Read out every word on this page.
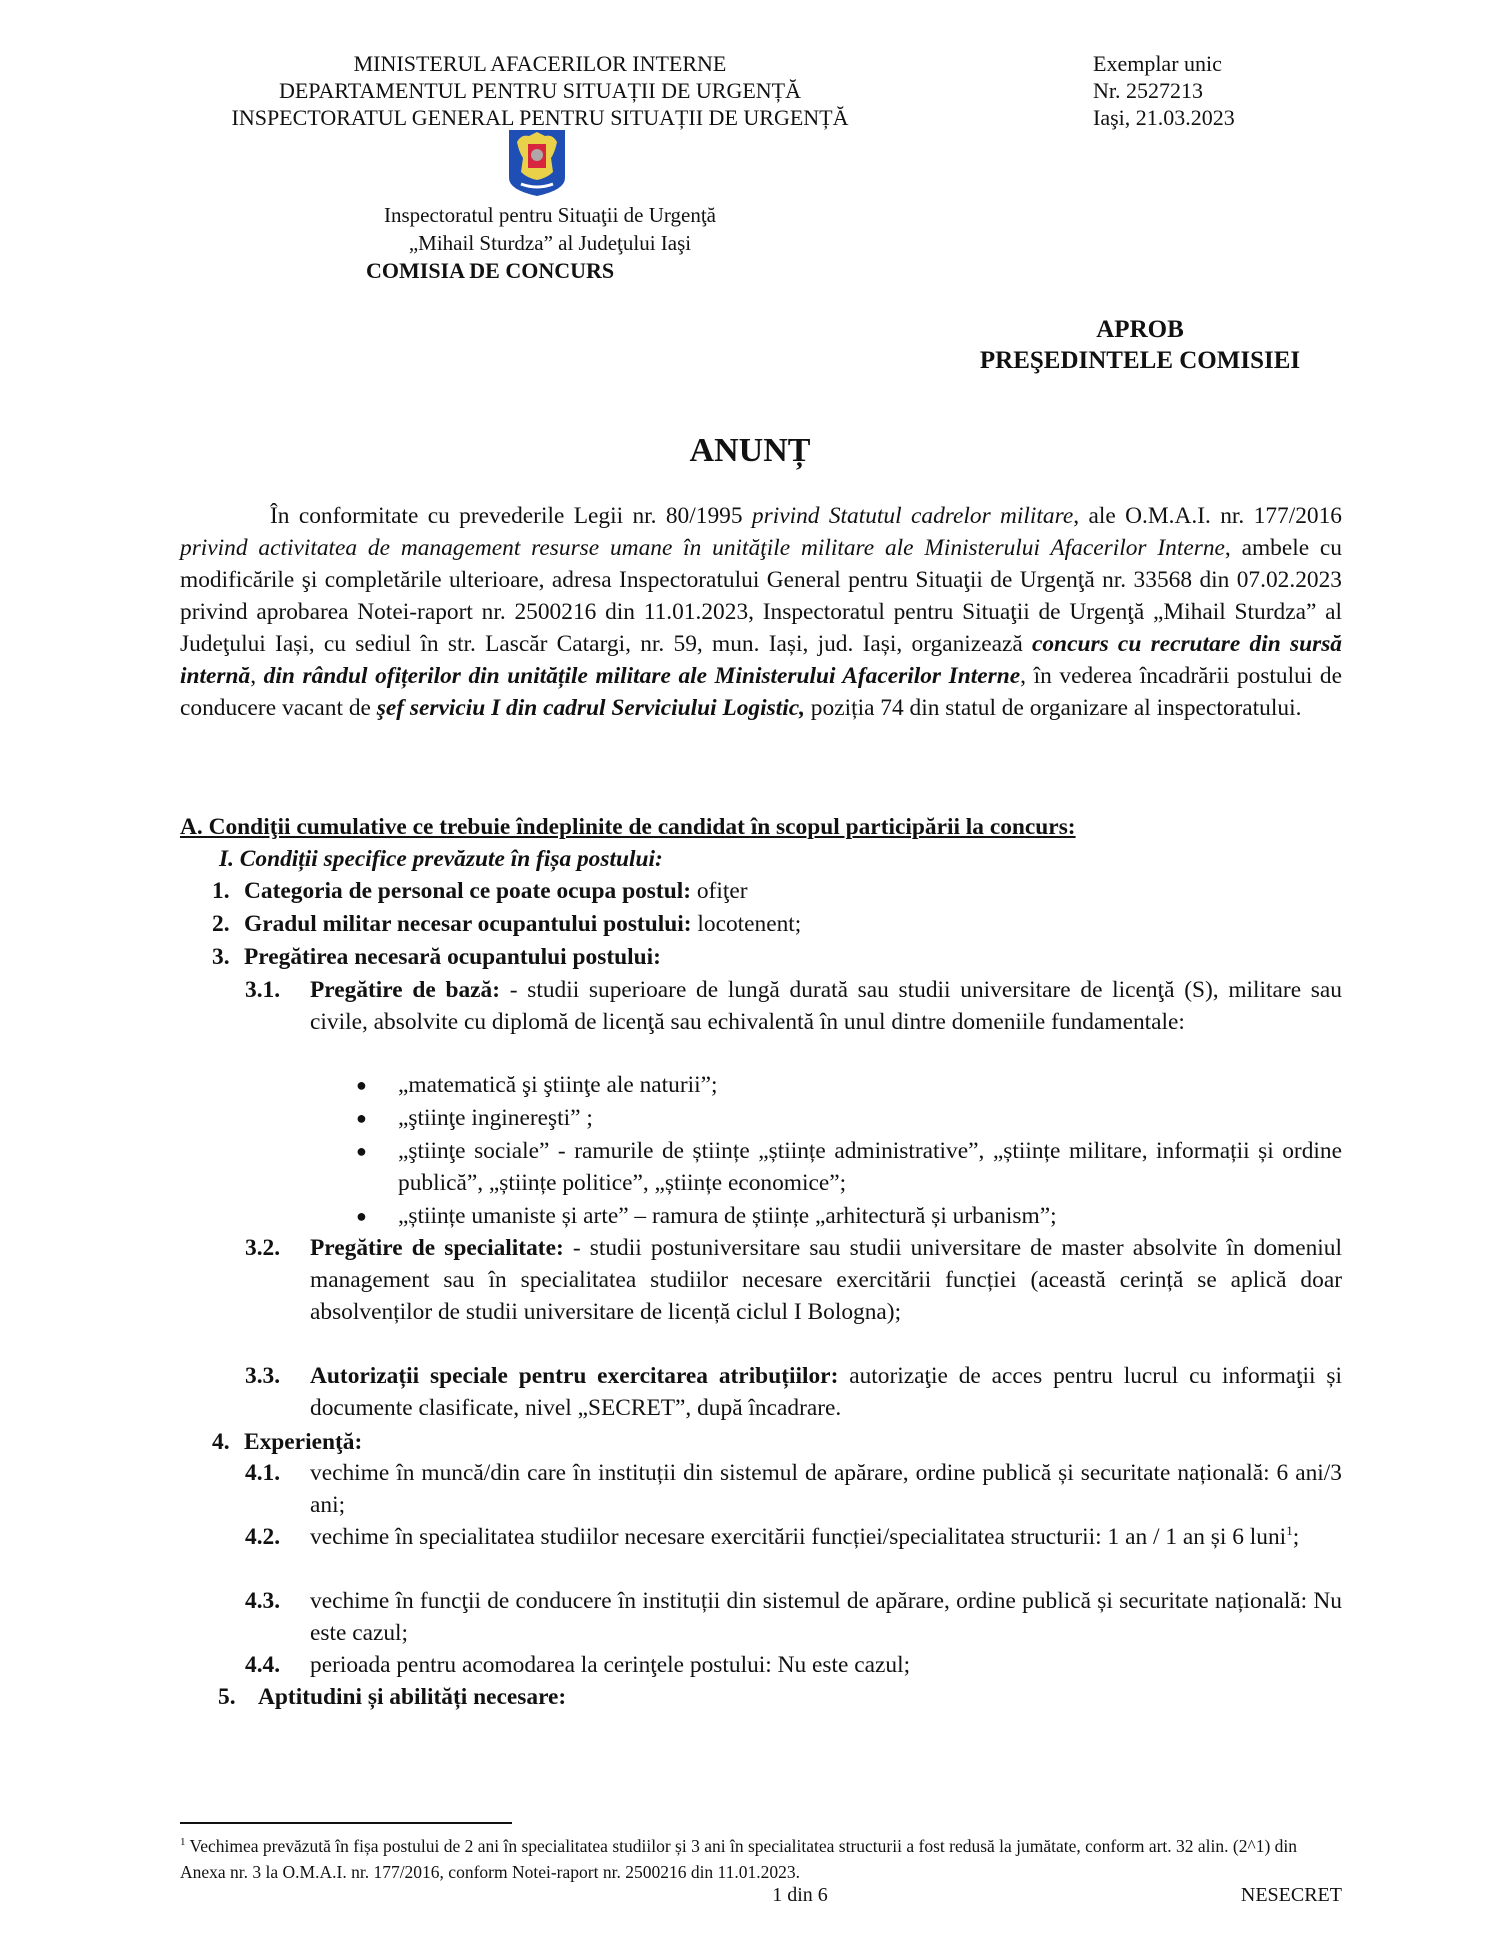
MINISTERUL AFACERILOR INTERNE
DEPARTAMENTUL PENTRU SITUAȚII DE URGENȚĂ
INSPECTORATUL GENERAL PENTRU SITUAȚII DE URGENȚĂ
Exemplar unic
Nr. 2527213
Iaşi, 21.03.2023
Inspectoratul pentru Situaţii de Urgenţă
„Mihail Sturdza” al Judeţului Iaşi
COMISIA DE CONCURS
APROB
PREŞEDINTELE COMISIEI
ANUNȚ
În conformitate cu prevederile Legii nr. 80/1995 privind Statutul cadrelor militare, ale O.M.A.I. nr. 177/2016 privind activitatea de management resurse umane în unităţile militare ale Ministerului Afacerilor Interne, ambele cu modificările şi completările ulterioare, adresa Inspectoratului General pentru Situaţii de Urgenţă nr. 33568 din 07.02.2023 privind aprobarea Notei-raport nr. 2500216 din 11.01.2023, Inspectoratul pentru Situaţii de Urgenţă „Mihail Sturdza” al Judeţului Iași, cu sediul în str. Lascăr Catargi, nr. 59, mun. Iași, jud. Iași, organizează concurs cu recrutare din sursă internă, din rândul ofițerilor din unitățile militare ale Ministerului Afacerilor Interne, în vederea încadrării postului de conducere vacant de şef serviciu I din cadrul Serviciului Logistic, poziția 74 din statul de organizare al inspectoratului.
A. Condiţii cumulative ce trebuie îndeplinite de candidat în scopul participării la concurs:
I. Condiții specifice prevăzute în fișa postului:
1. Categoria de personal ce poate ocupa postul: ofiţer
2. Gradul militar necesar ocupantului postului: locotenent;
3. Pregătirea necesară ocupantului postului:
3.1. Pregătire de bază: - studii superioare de lungă durată sau studii universitare de licenţă (S), militare sau civile, absolvite cu diplomă de licenţă sau echivalentă în unul dintre domeniile fundamentale:
● „matematică şi ştiinţe ale naturii”;
● „ştiinţe inginereşti” ;
● „ştiinţe sociale” - ramurile de științe „științe administrative”, „științe militare, informații și ordine publică”, „științe politice”, „științe economice”;
● „științe umaniste și arte” – ramura de științe „arhitectură și urbanism”;
3.2. Pregătire de specialitate: - studii postuniversitare sau studii universitare de master absolvite în domeniul management sau în specialitatea studiilor necesare exercitării funcției (această cerință se aplică doar absolvenților de studii universitare de licență ciclul I Bologna);
3.3. Autorizații speciale pentru exercitarea atribuțiilor: autorizaţie de acces pentru lucrul cu informaţii și documente clasificate, nivel „SECRET”, după încadrare.
4. Experienţă:
4.1. vechime în muncă/din care în instituții din sistemul de apărare, ordine publică și securitate națională: 6 ani/3 ani;
4.2. vechime în specialitatea studiilor necesare exercitării funcției/specialitatea structurii: 1 an / 1 an și 6 luni$^1$;
4.3. vechime în funcţii de conducere în instituții din sistemul de apărare, ordine publică și securitate națională: Nu este cazul;
4.4. perioada pentru acomodarea la cerinţele postului: Nu este cazul;
5. Aptitudini și abilități necesare:
$^1$ Vechimea prevăzută în fișa postului de 2 ani în specialitatea studiilor și 3 ani în specialitatea structurii a fost redusă la jumătate, conform art. 32 alin. (2^1) din Anexa nr. 3 la O.M.A.I. nr. 177/2016, conform Notei-raport nr. 2500216 din 11.01.2023.
1 din 6	NESECRET
